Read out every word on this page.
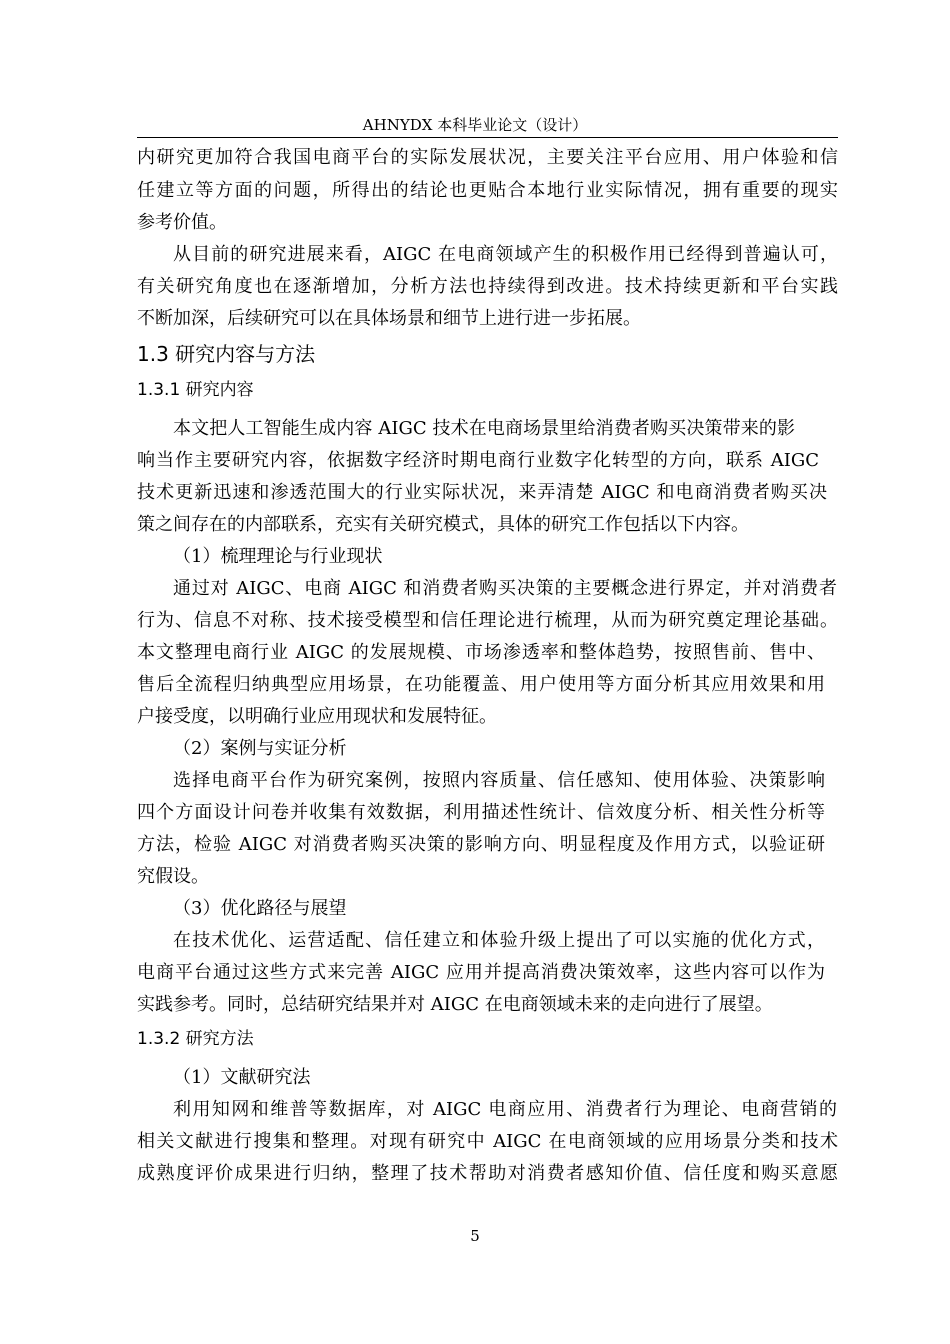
AHNYDX 本科毕业论文（设计）
内研究更加符合我国电商平台的实际发展状况，主要关注平台应用、用户体验和信
任建立等方面的问题，所得出的结论也更贴合本地行业实际情况，拥有重要的现实
参考价值。
从目前的研究进展来看，AIGC 在电商领域产生的积极作用已经得到普遍认可，
有关研究角度也在逐渐增加，分析方法也持续得到改进。技术持续更新和平台实践
不断加深，后续研究可以在具体场景和细节上进行进一步拓展。
1.3 研究内容与方法
1.3.1 研究内容
本文把人工智能生成内容 AIGC 技术在电商场景里给消费者购买决策带来的影
响当作主要研究内容，依据数字经济时期电商行业数字化转型的方向，联系 AIGC
技术更新迅速和渗透范围大的行业实际状况，来弄清楚 AIGC 和电商消费者购买决
策之间存在的内部联系，充实有关研究模式，具体的研究工作包括以下内容。
（1）梳理理论与行业现状
通过对 AIGC、电商 AIGC 和消费者购买决策的主要概念进行界定，并对消费者
行为、信息不对称、技术接受模型和信任理论进行梳理，从而为研究奠定理论基础。
本文整理电商行业 AIGC 的发展规模、市场渗透率和整体趋势，按照售前、售中、
售后全流程归纳典型应用场景，在功能覆盖、用户使用等方面分析其应用效果和用
户接受度，以明确行业应用现状和发展特征。
（2）案例与实证分析
选择电商平台作为研究案例，按照内容质量、信任感知、使用体验、决策影响
四个方面设计问卷并收集有效数据，利用描述性统计、信效度分析、相关性分析等
方法，检验 AIGC 对消费者购买决策的影响方向、明显程度及作用方式，以验证研
究假设。
（3）优化路径与展望
在技术优化、运营适配、信任建立和体验升级上提出了可以实施的优化方式，
电商平台通过这些方式来完善 AIGC 应用并提高消费决策效率，这些内容可以作为
实践参考。同时，总结研究结果并对 AIGC 在电商领域未来的走向进行了展望。
1.3.2 研究方法
（1）文献研究法
利用知网和维普等数据库，对 AIGC 电商应用、消费者行为理论、电商营销的
相关文献进行搜集和整理。对现有研究中 AIGC 在电商领域的应用场景分类和技术
成熟度评价成果进行归纳，整理了技术帮助对消费者感知价值、信任度和购买意愿
5
